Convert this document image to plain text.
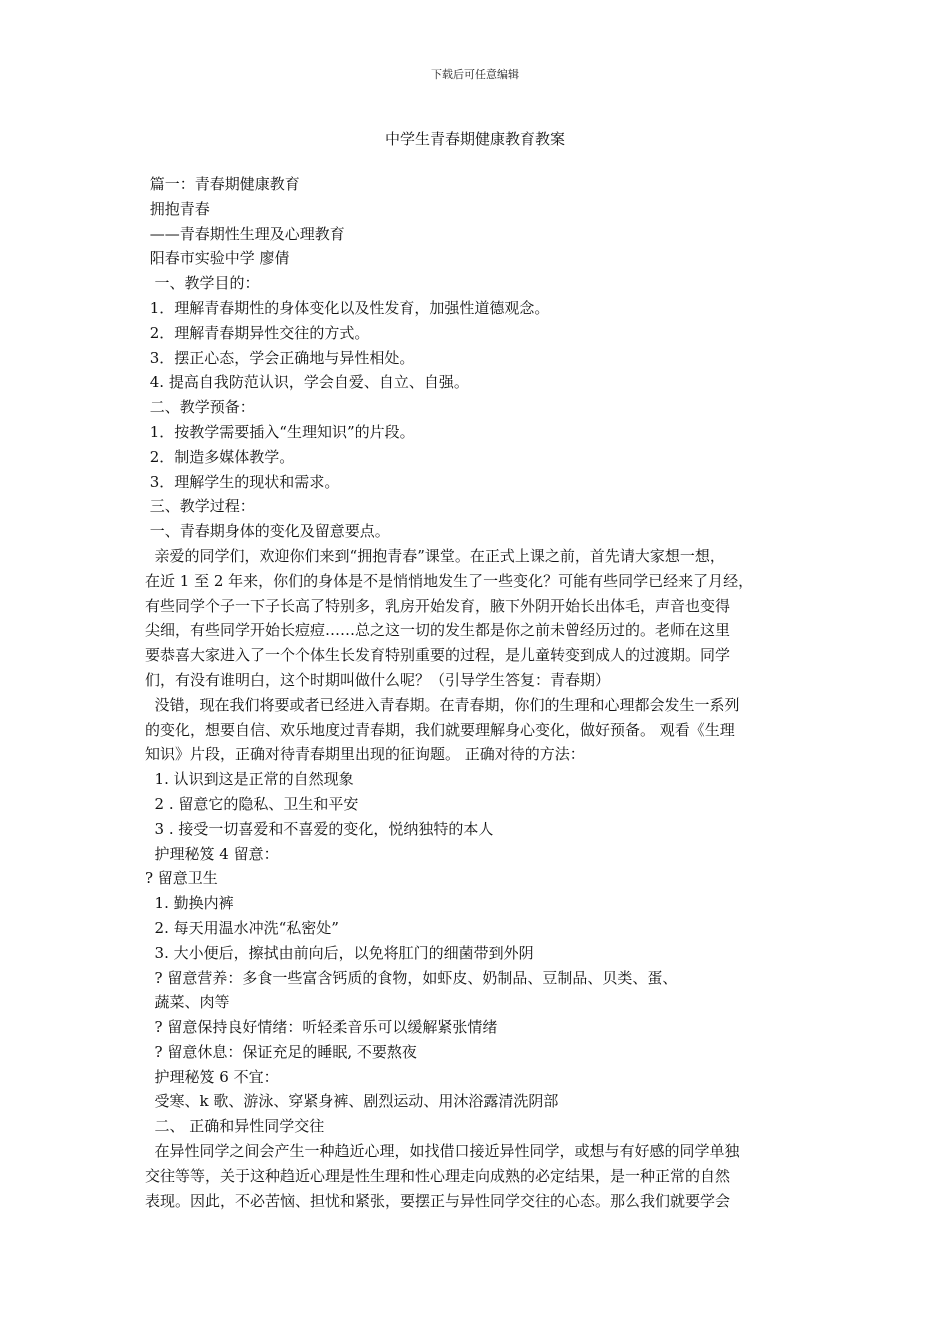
下载后可任意编辑
中学生青春期健康教育教案
篇一：青春期健康教育
拥抱青春
——青春期性生理及心理教育
阳春市实验中学 廖倩
一、教学目的：
1．理解青春期性的身体变化以及性发育，加强性道德观念。
2．理解青春期异性交往的方式。
3．摆正心态，学会正确地与异性相处。
4. 提高自我防范认识，学会自爱、自立、自强。
二、教学预备：
1．按教学需要插入“生理知识”的片段。
2．制造多媒体教学。
3．理解学生的现状和需求。
三、教学过程：
一、青春期身体的变化及留意要点。
亲爱的同学们，欢迎你们来到“拥抱青春”课堂。在正式上课之前，首先请大家想一想，
在近 1 至 2 年来，你们的身体是不是悄悄地发生了一些变化？可能有些同学已经来了月经，
有些同学个子一下子长高了特别多，乳房开始发育，腋下外阴开始长出体毛，声音也变得
尖细，有些同学开始长痘痘……总之这一切的发生都是你之前未曾经历过的。老师在这里
要恭喜大家进入了一个个体生长发育特别重要的过程，是儿童转变到成人的过渡期。同学
们，有没有谁明白，这个时期叫做什么呢？（引导学生答复：青春期）
没错，现在我们将要或者已经进入青春期。在青春期，你们的生理和心理都会发生一系列
的变化，想要自信、欢乐地度过青春期，我们就要理解身心变化，做好预备。 观看《生理
知识》片段，正确对待青春期里出现的征询题。 正确对待的方法：
1. 认识到这是正常的自然现象
2 . 留意它的隐私、卫生和平安
3 . 接受一切喜爱和不喜爱的变化，悦纳独特的本人
护理秘笈 4 留意：
? 留意卫生
1. 勤换内裤
2. 每天用温水冲洗“私密处”
3. 大小便后，擦拭由前向后，以免将肛门的细菌带到外阴
? 留意营养：多食一些富含钙质的食物，如虾皮、奶制品、豆制品、贝类、蛋、
蔬菜、肉等
? 留意保持良好情绪：听轻柔音乐可以缓解紧张情绪
? 留意休息：保证充足的睡眠, 不要熬夜
护理秘笈 6 不宜：
受寒、k 歌、游泳、穿紧身裤、剧烈运动、用沐浴露清洗阴部
二、 正确和异性同学交往
在异性同学之间会产生一种趋近心理，如找借口接近异性同学，或想与有好感的同学单独
交往等等，关于这种趋近心理是性生理和性心理走向成熟的必定结果，是一种正常的自然
表现。因此，不必苦恼、担忧和紧张，要摆正与异性同学交往的心态。那么我们就要学会
